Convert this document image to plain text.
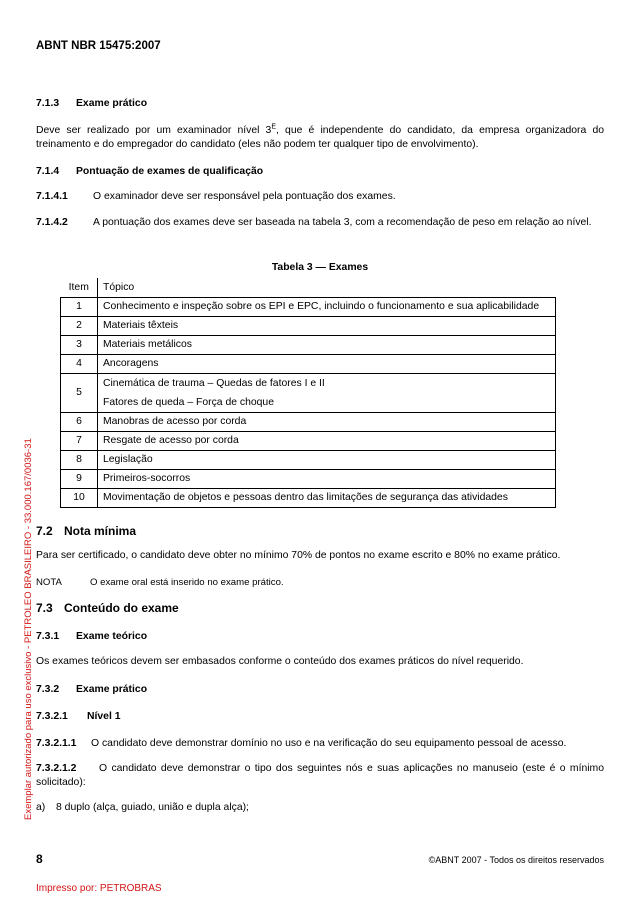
ABNT NBR 15475:2007
Exemplar autorizado para uso exclusivo - PETROLEO BRASILEIRO - 33.000.167/0036-31
7.1.3 Exame prático
Deve ser realizado por um examinador nível $3^E$, que é independente do candidato, da empresa organizadora do treinamento e do empregador do candidato (eles não podem ter qualquer tipo de envolvimento).
7.1.4 Pontuação de exames de qualificação
7.1.4.1 O examinador deve ser responsável pela pontuação dos exames.
7.1.4.2 A pontuação dos exames deve ser baseada na tabela 3, com a recomendação de peso em relação ao nível.
Tabela 3 — Exames
Item	Tópico
1	Conhecimento e inspeção sobre os EPI e EPC, incluindo o funcionamento e sua aplicabilidade
2	Materiais têxteis
3	Materiais metálicos
4	Ancoragens
5	Cinemática de trauma – Quedas de fatores I e II
Fatores de queda – Força de choque

6	Manobras de acesso por corda
7	Resgate de acesso por corda
8	Legislação
9	Primeiros-socorros
10	Movimentação de objetos e pessoas dentro das limitações de segurança das atividades
7.2 Nota mínima
Para ser certificado, o candidato deve obter no mínimo 70% de pontos no exame escrito e 80% no exame prático.
NOTA	O exame oral está inserido no exame prático.
7.3 Conteúdo do exame
7.3.1 Exame teórico
Os exames teóricos devem ser embasados conforme o conteúdo dos exames práticos do nível requerido.
7.3.2 Exame prático
7.3.2.1 Nível 1
7.3.2.1.1 O candidato deve demonstrar domínio no uso e na verificação do seu equipamento pessoal de acesso.
7.3.2.1.2 O candidato deve demonstrar o tipo dos seguintes nós e suas aplicações no manuseio (este é o mínimo solicitado):
a) 8 duplo (alça, guiado, união e dupla alça);
8	©ABNT 2007 - Todos os direitos reservados
Impresso por: PETROBRAS
